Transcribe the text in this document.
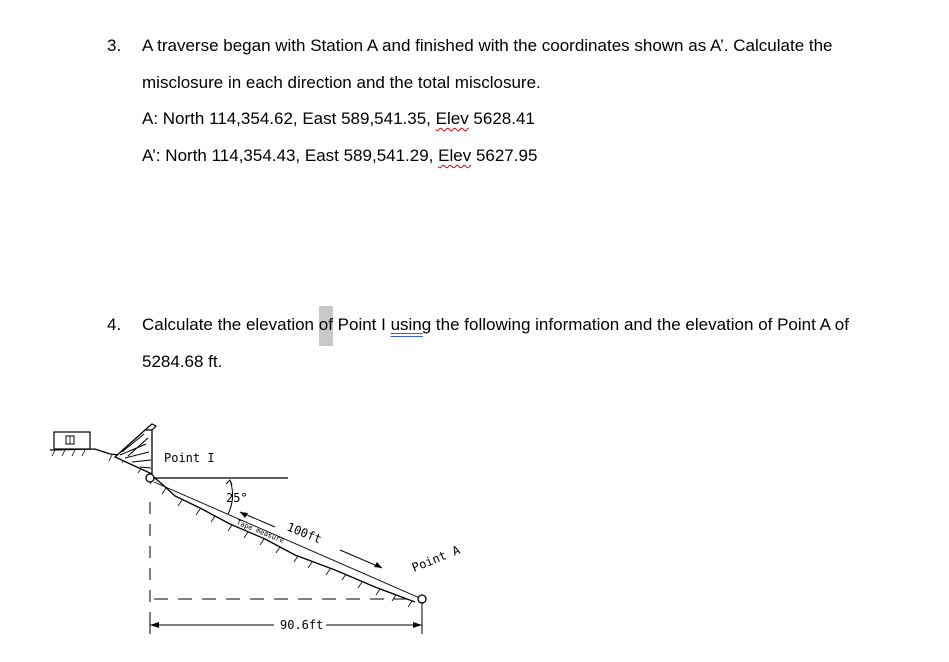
3. A traverse began with Station A and finished with the coordinates shown as A’. Calculate the
misclosure in each direction and the total misclosure.
A: North 114,354.62, East 589,541.35, Elev 5628.41
A’: North 114,354.43, East 589,541.29, Elev 5627.95
4. Calculate the elevation of Point I using the following information and the elevation of Point A of
5284.68 ft.
Point I
25°
100ft
Tape measure
Point A
90.6ft
